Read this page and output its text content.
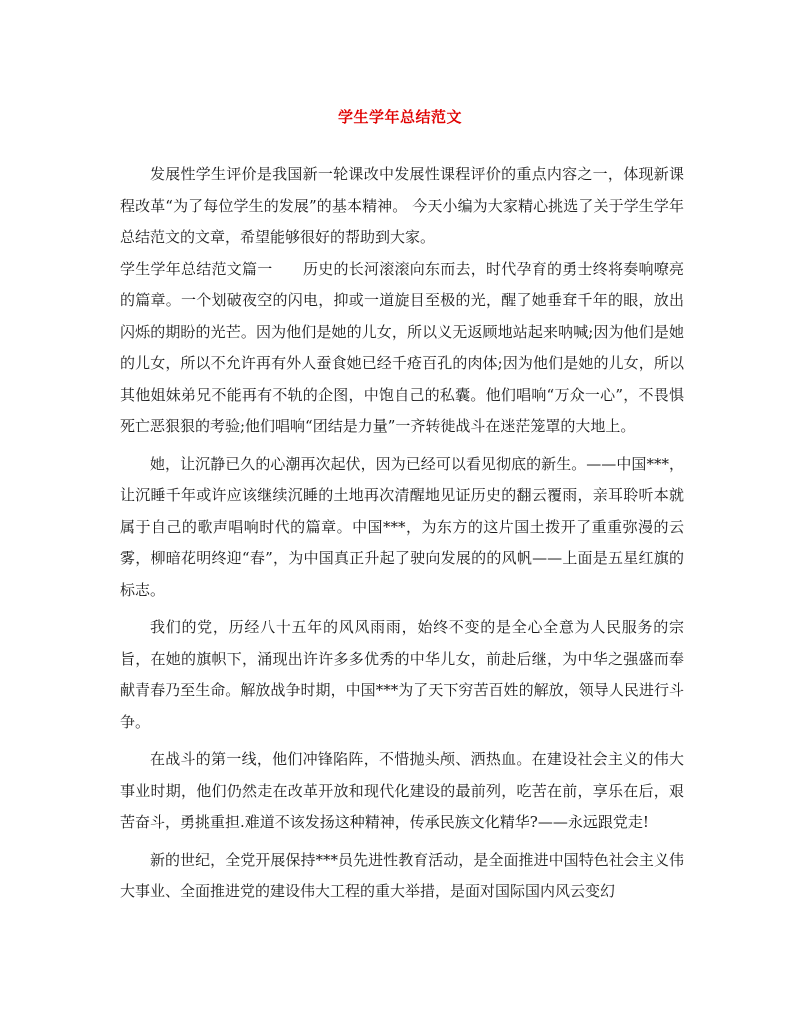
学生学年总结范文

发展性学生评价是我国新一轮课改中发展性课程评价的重点内容之一，体现新课程改革“为了每位学生的发展”的基本精神。 今天小编为大家精心挑选了关于学生学年总结范文的文章，希望能够很好的帮助到大家。

学生学年总结范文篇一　　历史的长河滚滚向东而去，时代孕育的勇士终将奏响嘹亮的篇章。一个划破夜空的闪电，抑或一道旋目至极的光，醒了她垂耷千年的眼，放出闪烁的期盼的光芒。因为他们是她的儿女，所以义无返顾地站起来呐喊;因为他们是她的儿女，所以不允许再有外人蚕食她已经千疮百孔的肉体;因为他们是她的儿女，所以其他姐妹弟兄不能再有不轨的企图，中饱自己的私囊。他们唱响“万众一心”，不畏惧死亡恶狠狠的考验;他们唱响“团结是力量”一齐转徙战斗在迷茫笼罩的大地上。

她，让沉静已久的心潮再次起伏，因为已经可以看见彻底的新生。——中国***，让沉睡千年或许应该继续沉睡的土地再次清醒地见证历史的翻云覆雨，亲耳聆听本就属于自己的歌声唱响时代的篇章。中国***，为东方的这片国土拨开了重重弥漫的云雾，柳暗花明终迎“春”，为中国真正升起了驶向发展的的风帆——上面是五星红旗的标志。

我们的党，历经八十五年的风风雨雨，始终不变的是全心全意为人民服务的宗旨，在她的旗帜下，涌现出许许多多优秀的中华儿女，前赴后继，为中华之强盛而奉献青春乃至生命。解放战争时期，中国***为了天下穷苦百姓的解放，领导人民进行斗争。

在战斗的第一线，他们冲锋陷阵，不惜抛头颅、洒热血。在建设社会主义的伟大事业时期，他们仍然走在改革开放和现代化建设的最前列，吃苦在前，享乐在后，艰苦奋斗，勇挑重担.难道不该发扬这种精神，传承民族文化精华?——永远跟党走!

新的世纪，全党开展保持***员先进性教育活动，是全面推进中国特色社会主义伟大事业、全面推进党的建设伟大工程的重大举措，是面对国际国内风云变幻
